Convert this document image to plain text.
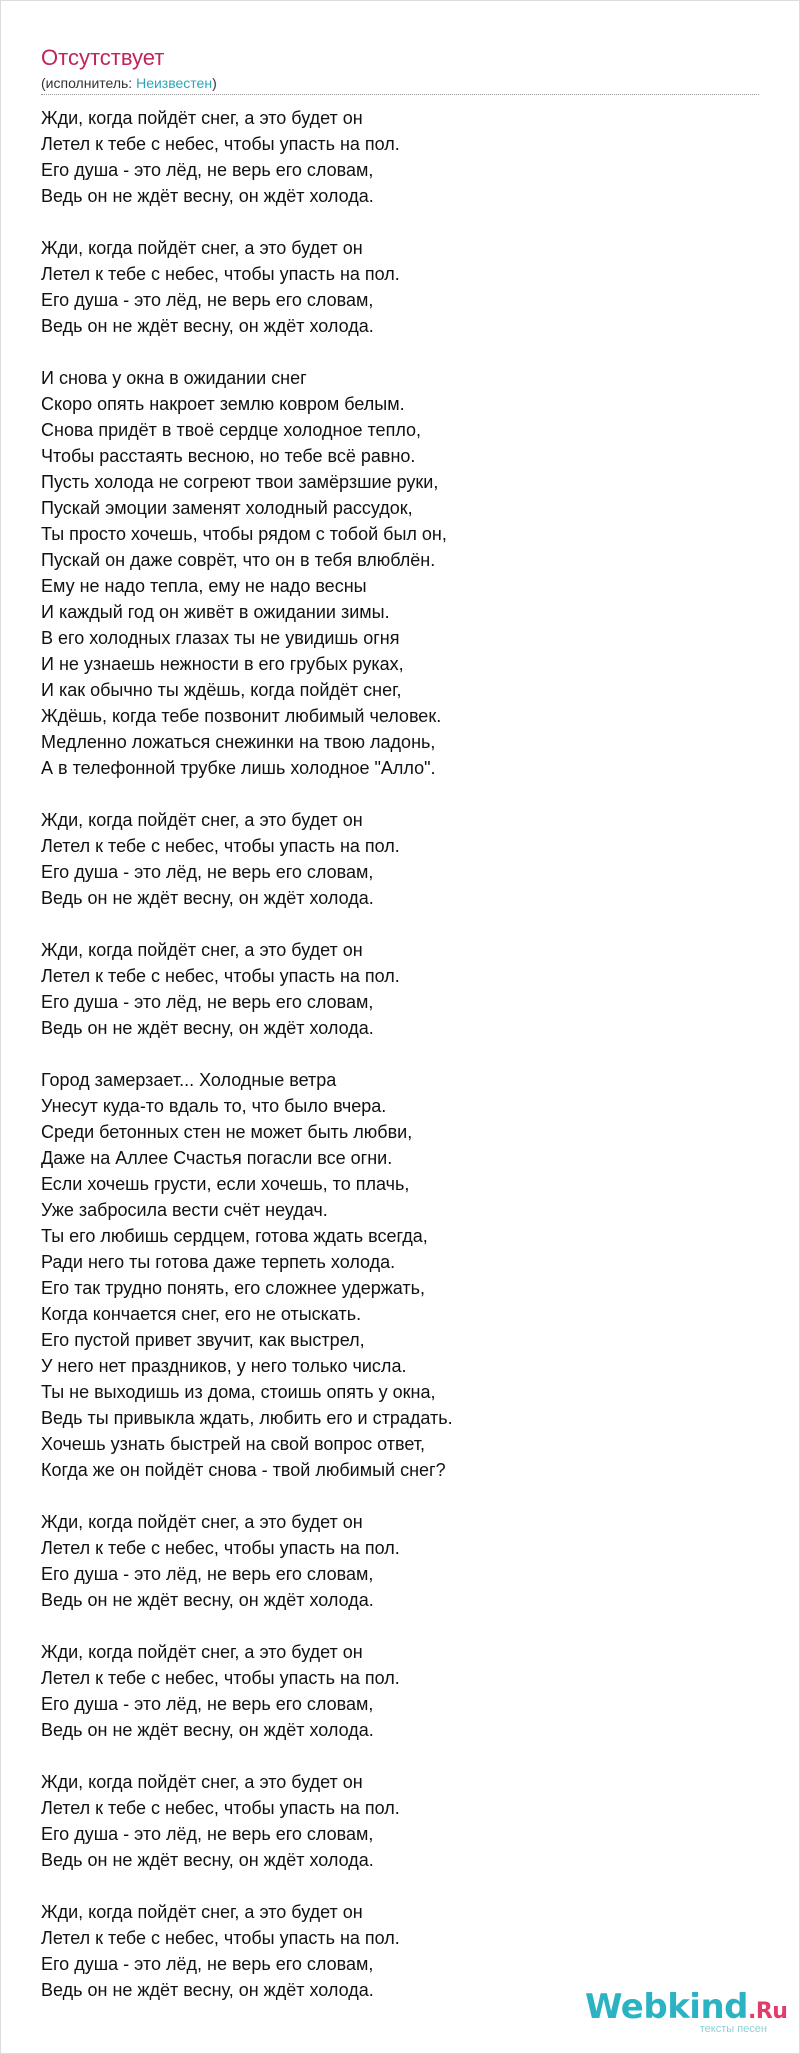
Отсутствует
(исполнитель: Неизвестен)
Жди, когда пойдёт снег, а это будет он
Летел к тебе с небес, чтобы упасть на пол.
Его душа - это лёд, не верь его словам,
Ведь он не ждёт весну, он ждёт холода.
Жди, когда пойдёт снег, а это будет он
Летел к тебе с небес, чтобы упасть на пол.
Его душа - это лёд, не верь его словам,
Ведь он не ждёт весну, он ждёт холода.
И снова у окна в ожидании снег
Скоро опять накроет землю ковром белым.
Снова придёт в твоё сердце холодное тепло,
Чтобы расстаять весною, но тебе всё равно.
Пусть холода не согреют твои замёрзшие руки,
Пускай эмоции заменят холодный рассудок,
Ты просто хочешь, чтобы рядом с тобой был он,
Пускай он даже соврёт, что он в тебя влюблён.
Ему не надо тепла, ему не надо весны
И каждый год он живёт в ожидании зимы.
В его холодных глазах ты не увидишь огня
И не узнаешь нежности в его грубых руках,
И как обычно ты ждёшь, когда пойдёт снег,
Ждёшь, когда тебе позвонит любимый человек.
Медленно ложаться снежинки на твою ладонь,
А в телефонной трубке лишь холодное "Алло".
Жди, когда пойдёт снег, а это будет он
Летел к тебе с небес, чтобы упасть на пол.
Его душа - это лёд, не верь его словам,
Ведь он не ждёт весну, он ждёт холода.
Жди, когда пойдёт снег, а это будет он
Летел к тебе с небес, чтобы упасть на пол.
Его душа - это лёд, не верь его словам,
Ведь он не ждёт весну, он ждёт холода.
Город замерзает... Холодные ветра
Унесут куда-то вдаль то, что было вчера.
Среди бетонных стен не может быть любви,
Даже на Аллее Счастья погасли все огни.
Если хочешь грусти, если хочешь, то плачь,
Уже забросила вести счёт неудач.
Ты его любишь сердцем, готова ждать всегда,
Ради него ты готова даже терпеть холода.
Его так трудно понять, его сложнее удержать,
Когда кончается снег, его не отыскать.
Его пустой привет звучит, как выстрел,
У него нет праздников, у него только числа.
Ты не выходишь из дома, стоишь опять у окна,
Ведь ты привыкла ждать, любить его и страдать.
Хочешь узнать быстрей на свой вопрос ответ,
Когда же он пойдёт снова - твой любимый снег?
Жди, когда пойдёт снег, а это будет он
Летел к тебе с небес, чтобы упасть на пол.
Его душа - это лёд, не верь его словам,
Ведь он не ждёт весну, он ждёт холода.
Жди, когда пойдёт снег, а это будет он
Летел к тебе с небес, чтобы упасть на пол.
Его душа - это лёд, не верь его словам,
Ведь он не ждёт весну, он ждёт холода.
Жди, когда пойдёт снег, а это будет он
Летел к тебе с небес, чтобы упасть на пол.
Его душа - это лёд, не верь его словам,
Ведь он не ждёт весну, он ждёт холода.
Жди, когда пойдёт снег, а это будет он
Летел к тебе с небес, чтобы упасть на пол.
Его душа - это лёд, не верь его словам,
Ведь он не ждёт весну, он ждёт холода.	Webkind.Ru
тексты песен
